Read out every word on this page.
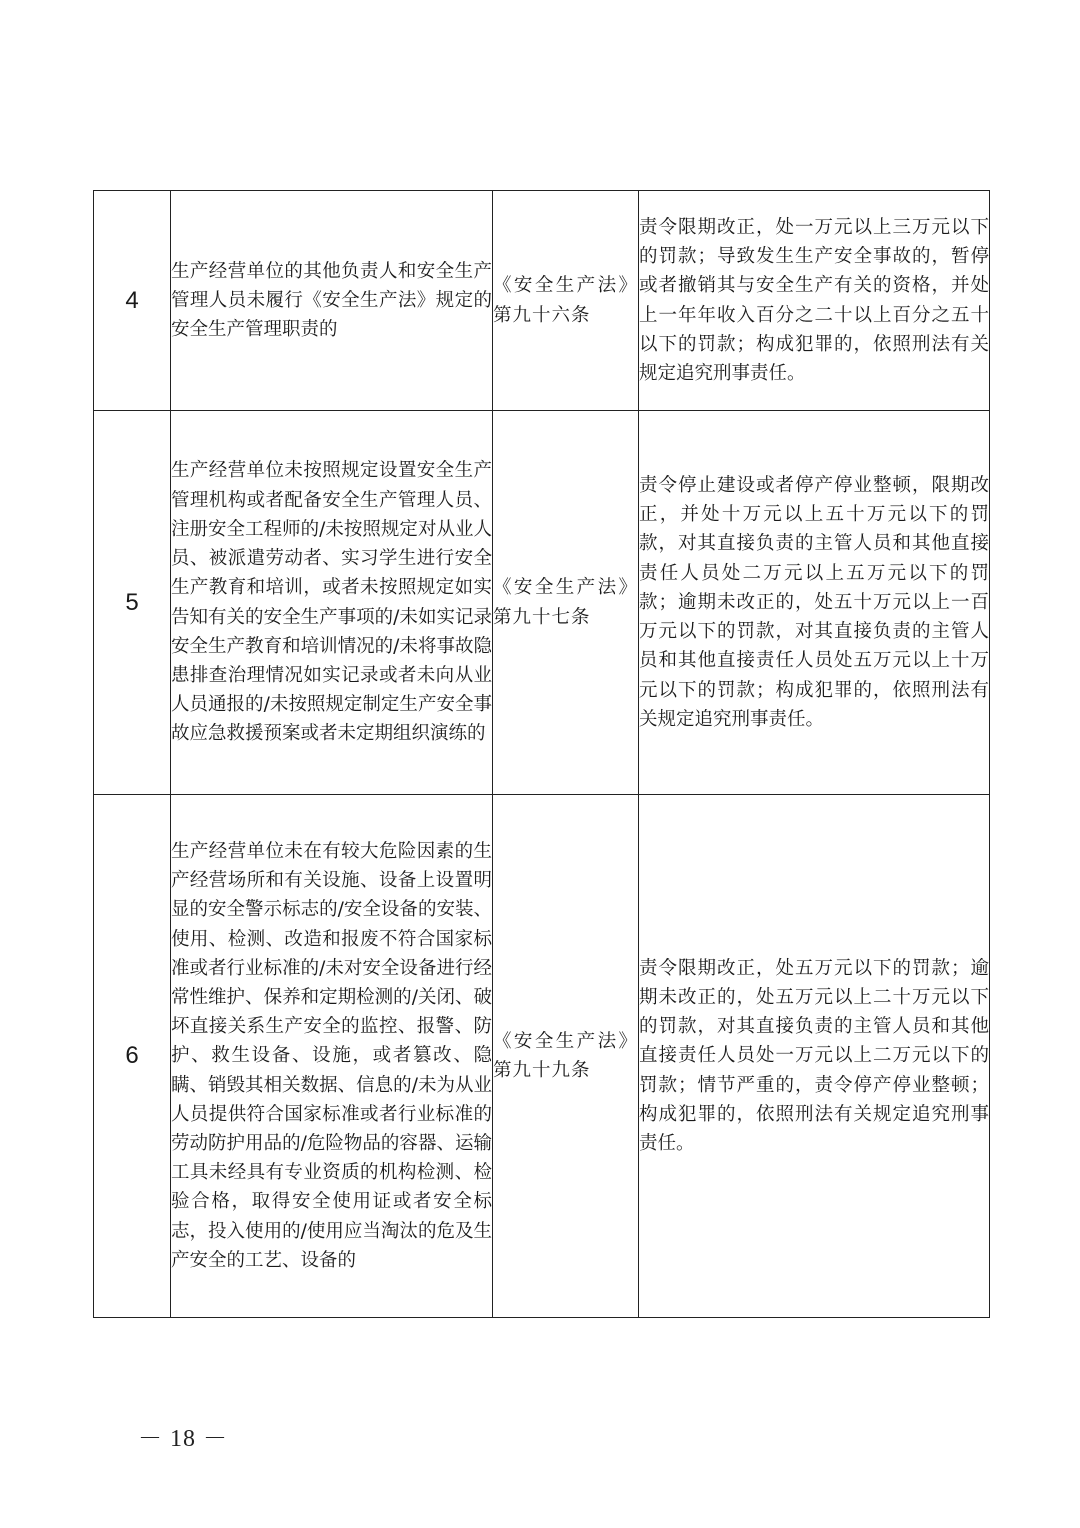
4	生产经营单位的其他负责人和安全生产管理人员未履行《安全生产法》规定的安全生产管理职责的	《安全生产法》第九十六条	责令限期改正，处一万元以上三万元以下的罚款；导致发生生产安全事故的，暂停或者撤销其与安全生产有关的资格，并处上一年年收入百分之二十以上百分之五十以下的罚款；构成犯罪的，依照刑法有关规定追究刑事责任。
5	生产经营单位未按照规定设置安全生产管理机构或者配备安全生产管理人员、注册安全工程师的/未按照规定对从业人员、被派遣劳动者、实习学生进行安全生产教育和培训，或者未按照规定如实告知有关的安全生产事项的/未如实记录安全生产教育和培训情况的/未将事故隐患排查治理情况如实记录或者未向从业人员通报的/未按照规定制定生产安全事故应急救援预案或者未定期组织演练的	《安全生产法》第九十七条	责令停止建设或者停产停业整顿，限期改正，并处十万元以上五十万元以下的罚款，对其直接负责的主管人员和其他直接责任人员处二万元以上五万元以下的罚款；逾期未改正的，处五十万元以上一百万元以下的罚款，对其直接负责的主管人员和其他直接责任人员处五万元以上十万元以下的罚款；构成犯罪的，依照刑法有关规定追究刑事责任。
6	生产经营单位未在有较大危险因素的生产经营场所和有关设施、设备上设置明显的安全警示标志的/安全设备的安装、使用、检测、改造和报废不符合国家标准或者行业标准的/未对安全设备进行经常性维护、保养和定期检测的/关闭、破坏直接关系生产安全的监控、报警、防护、救生设备、设施，或者篡改、隐瞒、销毁其相关数据、信息的/未为从业人员提供符合国家标准或者行业标准的劳动防护用品的/危险物品的容器、运输工具未经具有专业资质的机构检测、检验合格，取得安全使用证或者安全标志，投入使用的/使用应当淘汰的危及生产安全的工艺、设备的	《安全生产法》第九十九条	责令限期改正，处五万元以下的罚款；逾期未改正的，处五万元以上二十万元以下的罚款，对其直接负责的主管人员和其他直接责任人员处一万元以上二万元以下的罚款；情节严重的，责令停产停业整顿；构成犯罪的，依照刑法有关规定追究刑事责任。
－ 18 －
